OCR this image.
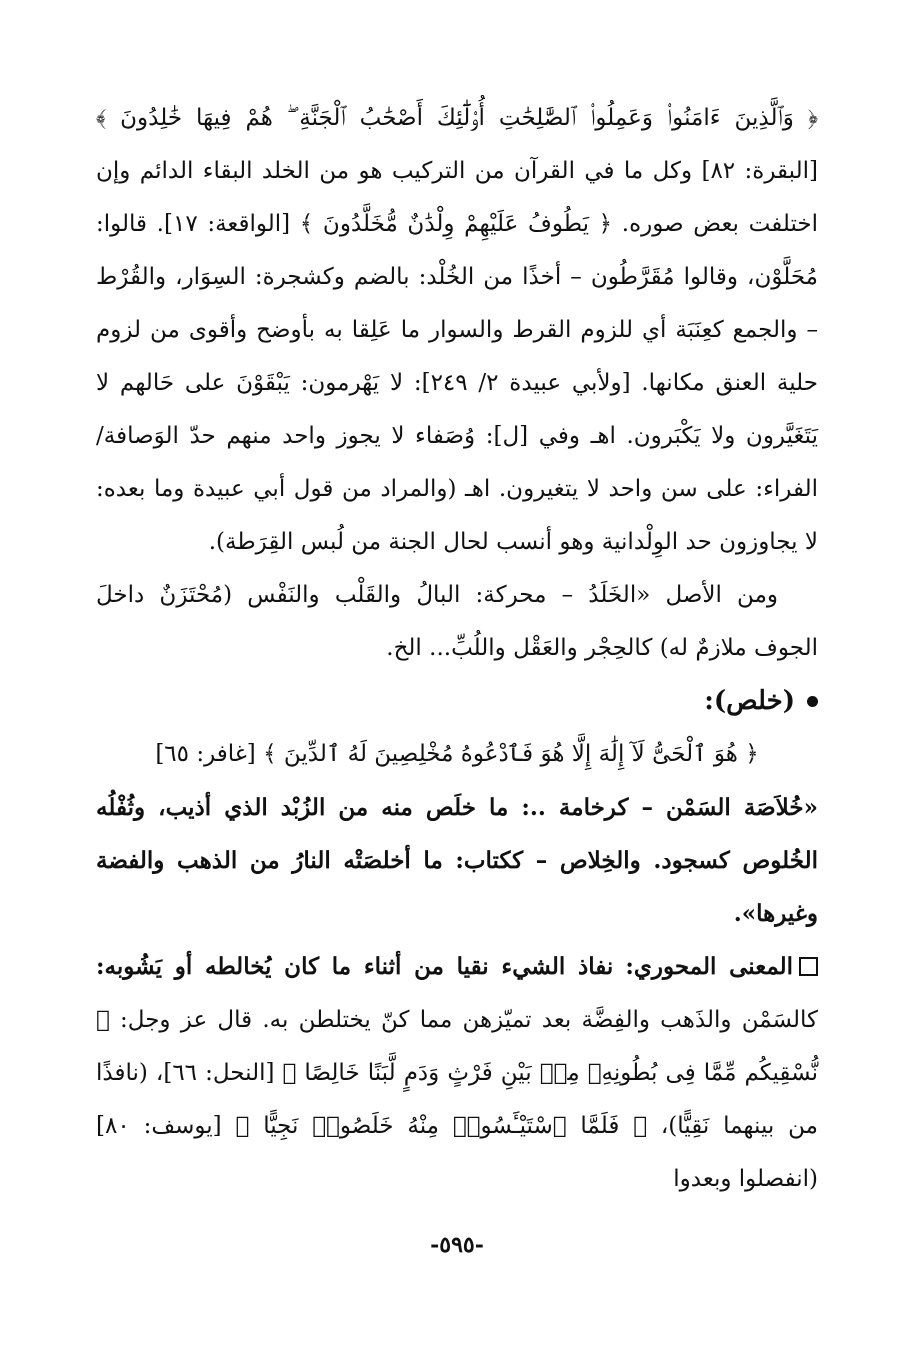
﴿ وَٱلَّذِينَ ءَامَنُوا۟ وَعَمِلُوا۟ ٱلصَّٰلِحَٰتِ أُو۟لَٰٓئِكَ أَصْحَٰبُ ٱلْجَنَّةِ ۖ هُمْ فِيهَا خَٰلِدُونَ ﴾ [البقرة: ٨٢] وكل ما في القرآن من التركيب هو من الخلد البقاء الدائم وإن اختلفت بعض صوره. ﴿ يَطُوفُ عَلَيْهِمْ وِلْدَٰنٌ مُّخَلَّدُونَ ﴾ [الواقعة: ١٧]. قالوا: مُحَلَّوْن، وقالوا مُقَرَّطُون – أخذًا من الخُلْد: بالضم وكشجرة: السِوَار، والقُرْط – والجمع كعِنَبَة أي للزوم القرط والسوار ما عَلِقا به بأوضح وأقوى من لزوم حلية العنق مكانها. [ولأبي عبيدة ٢/ ٢٤٩]: لا يَهْرمون: يَبْقَوْنَ على حَالهم لا يَتَغَيَّرون ولا يَكْبَرون. اهـ وفي [ل]: وُصَفاء لا يجوز واحد منهم حدّ الوَصافة/ الفراء: على سن واحد لا يتغيرون. اهـ (والمراد من قول أبي عبيدة وما بعده: لا يجاوزون حد الوِلْدانية وهو أنسب لحال الجنة من لُبس القِرَطة).

ومن الأصل «الخَلَدُ – محركة: البالُ والقَلْب والنَفْس (مُحْتَزَنٌ داخلَ الجوف ملازمٌ له) كالحِجْر والعَقْل واللُبِّ... الخ.

(خلص):

﴿ هُوَ ٱلْحَىُّ لَآ إِلَٰهَ إِلَّا هُوَ فَٱدْعُوهُ مُخْلِصِينَ لَهُ ٱلدِّينَ ﴾ [غافر: ٦٥]

«خُلاَصَة السَمْن – كرخامة ..: ما خلَص منه من الزُبْد الذي أذيب، وثُفْلُه الخُلوص كسجود. والخِلاص – ككتاب: ما أخلصَتْه النارُ من الذهب والفضة وغيرها».

المعنى المحوري: نفاذ الشيء نقيا من أثناء ما كان يُخالطه أو يَشُوبه: كالسَمْن والذَهب والفِضَّة بعد تميّزهن مما كنّ يختلطن به. قال عز وجل: ﴿ نُّسْقِيكُم مِّمَّا فِى بُطُونِهِۦ مِنۢ بَيْنِ فَرْثٍ وَدَمٍ لَّبَنًا خَالِصًا ﴾ [النحل: ٦٦]، (نافذًا من بينهما نَقِيًّا)، ﴿ فَلَمَّا ٱسْتَيْـَٔسُوا۟ مِنْهُ خَلَصُوا۟ نَجِيًّا ﴾ [يوسف: ٨٠] (انفصلوا وبعدوا

-٥٩٥-
